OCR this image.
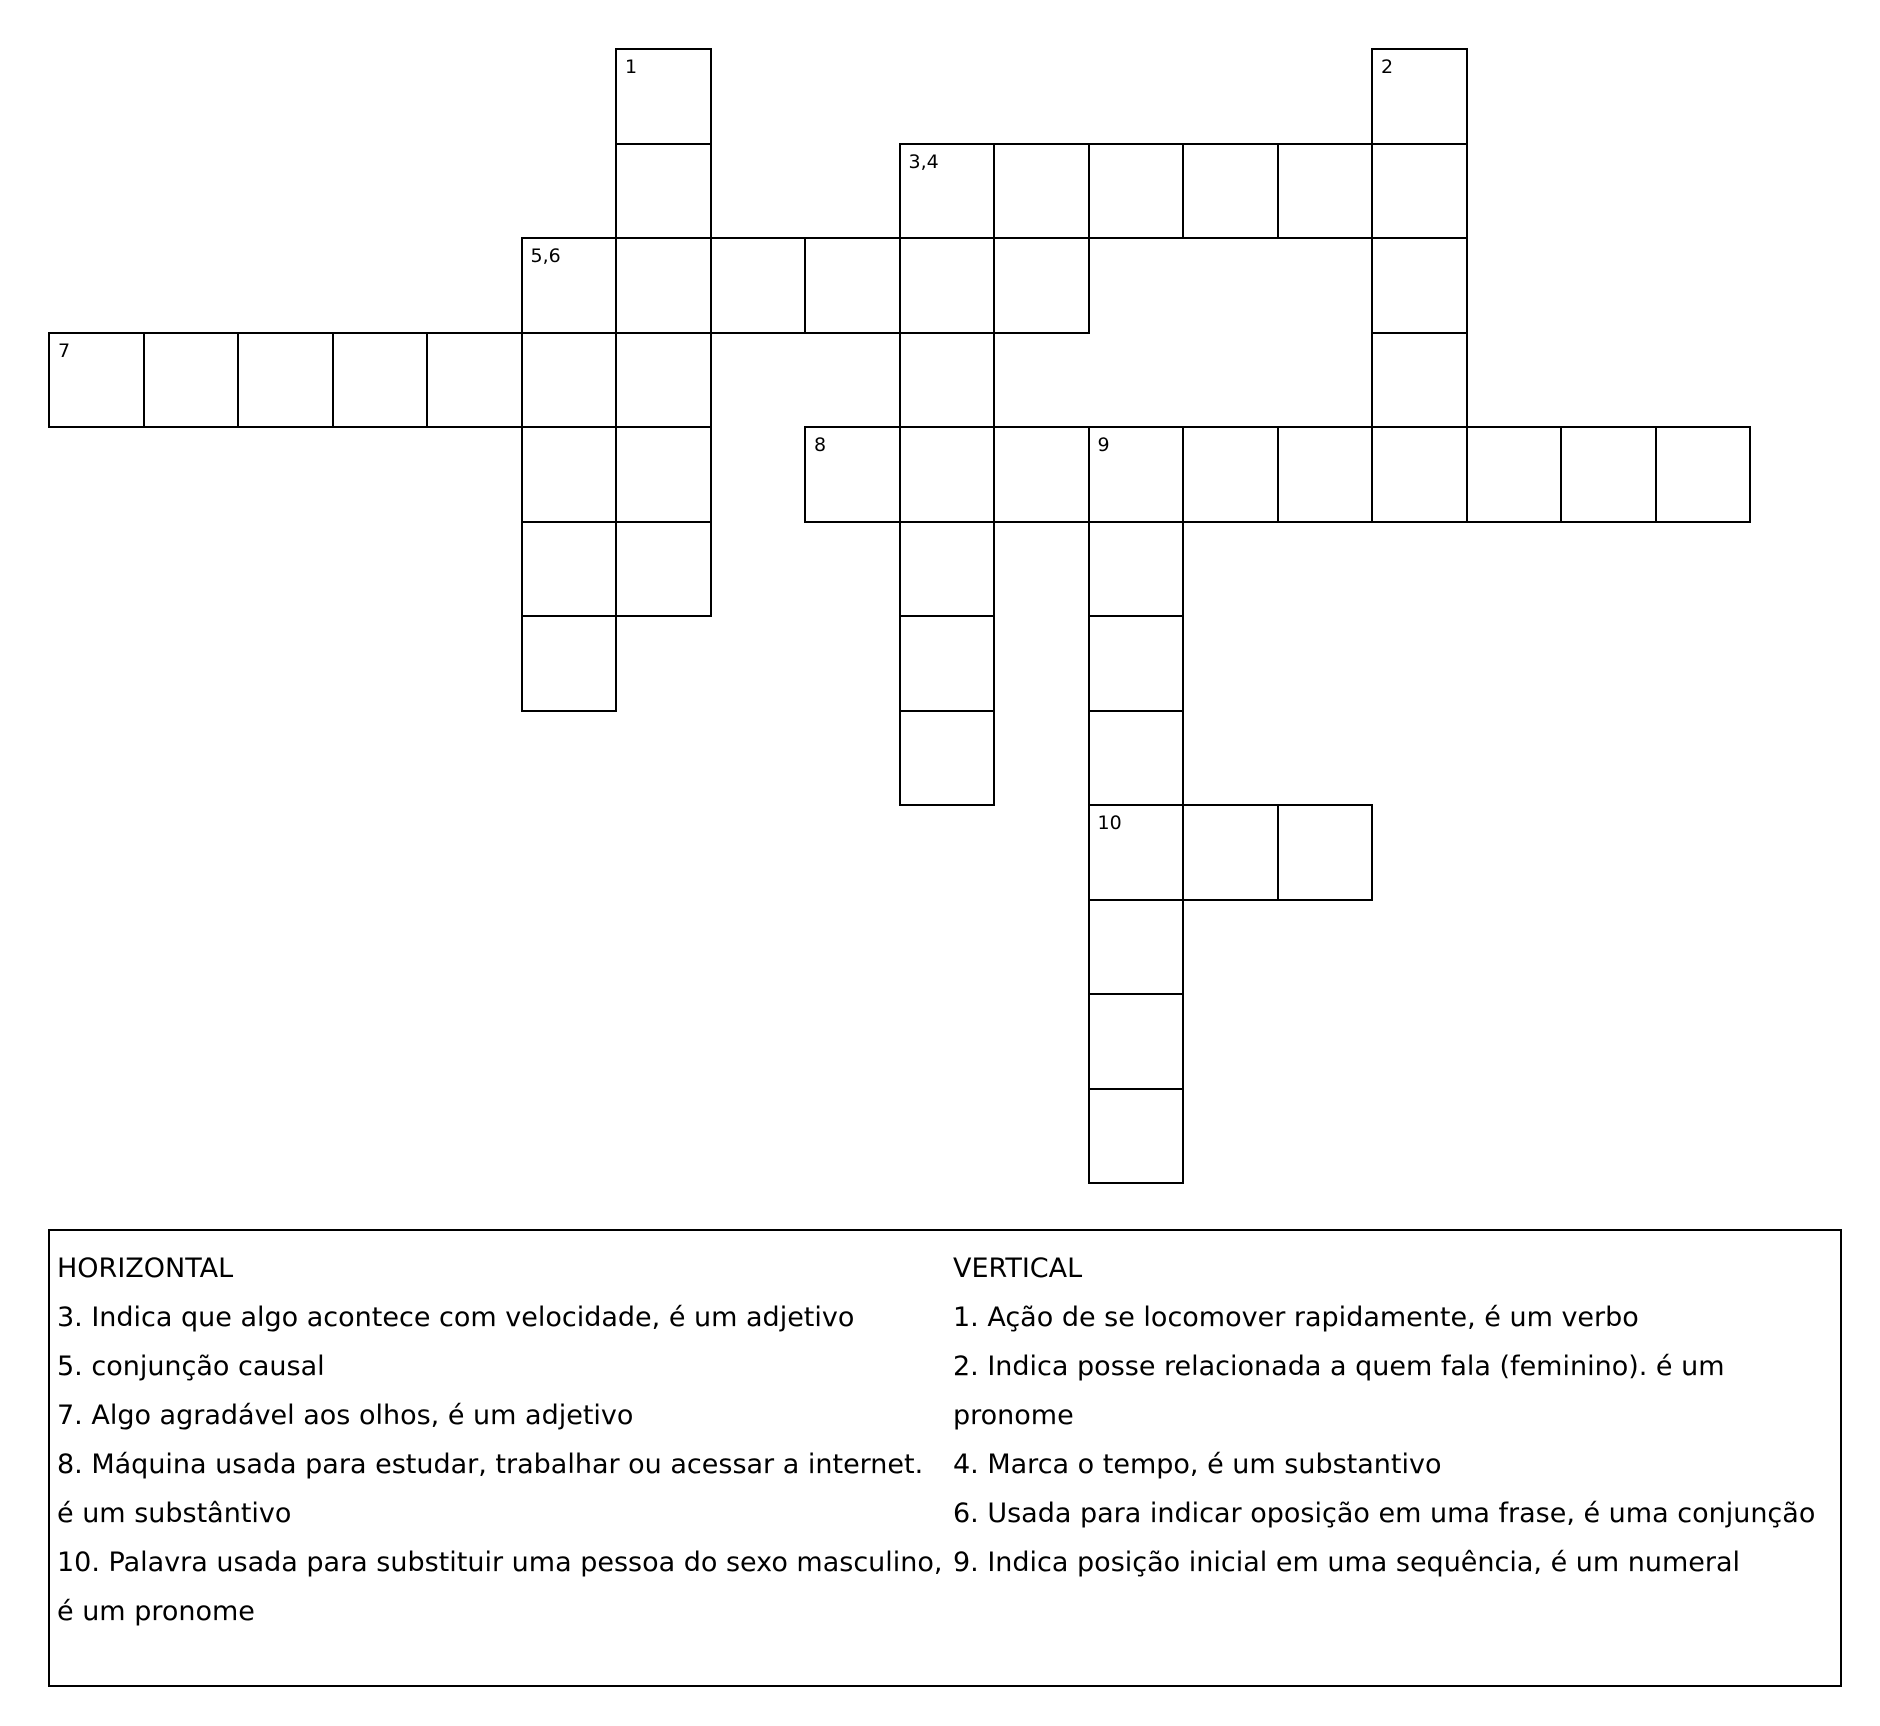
1	2
3,4
5,6
7
8	9
10
HORIZONTAL
3. Indica que algo acontece com velocidade, é um adjetivo
5. conjunção causal
7. Algo agradável aos olhos, é um adjetivo
8. Máquina usada para estudar, trabalhar ou acessar a internet.
é um substântivo
10. Palavra usada para substituir uma pessoa do sexo masculino,
é um pronome
VERTICAL
1. Ação de se locomover rapidamente, é um verbo
2. Indica posse relacionada a quem fala (feminino). é um
pronome
4. Marca o tempo, é um substantivo
6. Usada para indicar oposição em uma frase, é uma conjunção
9. Indica posição inicial em uma sequência, é um numeral
